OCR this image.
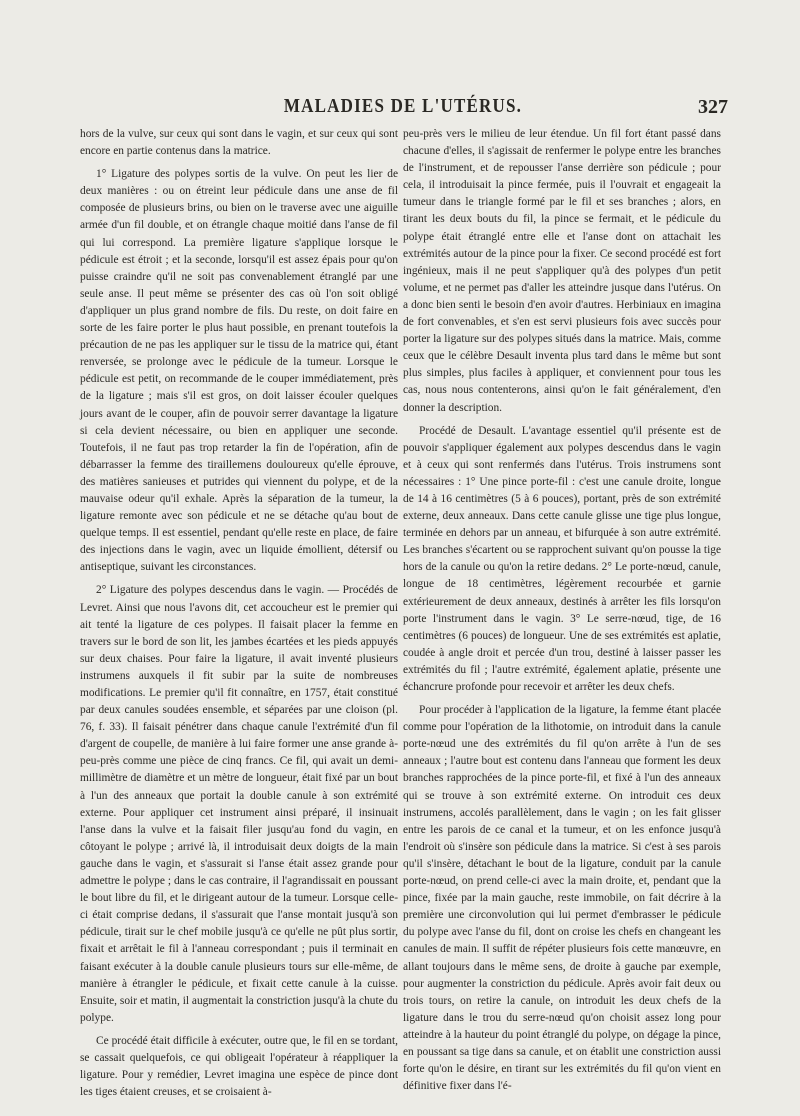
MALADIES DE L'UTÉRUS.	327

hors de la vulve, sur ceux qui sont dans le vagin, et sur ceux qui sont encore en partie contenus dans la matrice.

1° Ligature des polypes sortis de la vulve. On peut les lier de deux manières : ou on étreint leur pédicule dans une anse de fil composée de plusieurs brins, ou bien on le traverse avec une aiguille armée d'un fil double, et on étrangle chaque moitié dans l'anse de fil qui lui correspond. La première ligature s'applique lorsque le pédicule est étroit ; et la seconde, lorsqu'il est assez épais pour qu'on puisse craindre qu'il ne soit pas convenablement étranglé par une seule anse. Il peut même se présenter des cas où l'on soit obligé d'appliquer un plus grand nombre de fils. Du reste, on doit faire en sorte de les faire porter le plus haut possible, en prenant toutefois la précaution de ne pas les appliquer sur le tissu de la matrice qui, étant renversée, se prolonge avec le pédicule de la tumeur. Lorsque le pédicule est petit, on recommande de le couper immédiatement, près de la ligature ; mais s'il est gros, on doit laisser écouler quelques jours avant de le couper, afin de pouvoir serrer davantage la ligature si cela devient nécessaire, ou bien en appliquer une seconde. Toutefois, il ne faut pas trop retarder la fin de l'opération, afin de débarrasser la femme des tiraillemens douloureux qu'elle éprouve, des matières sanieuses et putrides qui viennent du polype, et de la mauvaise odeur qu'il exhale. Après la séparation de la tumeur, la ligature remonte avec son pédicule et ne se détache qu'au bout de quelque temps. Il est essentiel, pendant qu'elle reste en place, de faire des injections dans le vagin, avec un liquide émollient, détersif ou antiseptique, suivant les circonstances.

2° Ligature des polypes descendus dans le vagin. — Procédés de Levret. Ainsi que nous l'avons dit, cet accoucheur est le premier qui ait tenté la ligature de ces polypes. Il faisait placer la femme en travers sur le bord de son lit, les jambes écartées et les pieds appuyés sur deux chaises. Pour faire la ligature, il avait inventé plusieurs instrumens auxquels il fit subir par la suite de nombreuses modifications. Le premier qu'il fit connaître, en 1757, était constitué par deux canules soudées ensemble, et séparées par une cloison (pl. 76, f. 33). Il faisait pénétrer dans chaque canule l'extrémité d'un fil d'argent de coupelle, de manière à lui faire former une anse grande à-peu-près comme une pièce de cinq francs. Ce fil, qui avait un demi-millimètre de diamètre et un mètre de longueur, était fixé par un bout à l'un des anneaux que portait la double canule à son extrémité externe. Pour appliquer cet instrument ainsi préparé, il insinuait l'anse dans la vulve et la faisait filer jusqu'au fond du vagin, en côtoyant le polype ; arrivé là, il introduisait deux doigts de la main gauche dans le vagin, et s'assurait si l'anse était assez grande pour admettre le polype ; dans le cas contraire, il l'agrandissait en poussant le bout libre du fil, et le dirigeant autour de la tumeur. Lorsque celle-ci était comprise dedans, il s'assurait que l'anse montait jusqu'à son pédicule, tirait sur le chef mobile jusqu'à ce qu'elle ne pût plus sortir, fixait et arrêtait le fil à l'anneau correspondant ; puis il terminait en faisant exécuter à la double canule plusieurs tours sur elle-même, de manière à étrangler le pédicule, et fixait cette canule à la cuisse. Ensuite, soir et matin, il augmentait la constriction jusqu'à la chute du polype.

Ce procédé était difficile à exécuter, outre que, le fil en se tordant, se cassait quelquefois, ce qui obligeait l'opérateur à réappliquer la ligature. Pour y remédier, Levret imagina une espèce de pince dont les tiges étaient creuses, et se croisaient à-

peu-près vers le milieu de leur étendue. Un fil fort étant passé dans chacune d'elles, il s'agissait de renfermer le polype entre les branches de l'instrument, et de repousser l'anse derrière son pédicule ; pour cela, il introduisait la pince fermée, puis il l'ouvrait et engageait la tumeur dans le triangle formé par le fil et ses branches ; alors, en tirant les deux bouts du fil, la pince se fermait, et le pédicule du polype était étranglé entre elle et l'anse dont on attachait les extrémités autour de la pince pour la fixer. Ce second procédé est fort ingénieux, mais il ne peut s'appliquer qu'à des polypes d'un petit volume, et ne permet pas d'aller les atteindre jusque dans l'utérus. On a donc bien senti le besoin d'en avoir d'autres. Herbiniaux en imagina de fort convenables, et s'en est servi plusieurs fois avec succès pour porter la ligature sur des polypes situés dans la matrice. Mais, comme ceux que le célèbre Desault inventa plus tard dans le même but sont plus simples, plus faciles à appliquer, et conviennent pour tous les cas, nous nous contenterons, ainsi qu'on le fait généralement, d'en donner la description.

Procédé de Desault. L'avantage essentiel qu'il présente est de pouvoir s'appliquer également aux polypes descendus dans le vagin et à ceux qui sont renfermés dans l'utérus. Trois instrumens sont nécessaires : 1° Une pince porte-fil : c'est une canule droite, longue de 14 à 16 centimètres (5 à 6 pouces), portant, près de son extrémité externe, deux anneaux. Dans cette canule glisse une tige plus longue, terminée en dehors par un anneau, et bifurquée à son autre extrémité. Les branches s'écartent ou se rapprochent suivant qu'on pousse la tige hors de la canule ou qu'on la retire dedans. 2° Le porte-nœud, canule, longue de 18 centimètres, légèrement recourbée et garnie extérieurement de deux anneaux, destinés à arrêter les fils lorsqu'on porte l'instrument dans le vagin. 3° Le serre-nœud, tige, de 16 centimètres (6 pouces) de longueur. Une de ses extrémités est aplatie, coudée à angle droit et percée d'un trou, destiné à laisser passer les extrémités du fil ; l'autre extrémité, également aplatie, présente une échancrure profonde pour recevoir et arrêter les deux chefs.

Pour procéder à l'application de la ligature, la femme étant placée comme pour l'opération de la lithotomie, on introduit dans la canule porte-nœud une des extrémités du fil qu'on arrête à l'un de ses anneaux ; l'autre bout est contenu dans l'anneau que forment les deux branches rapprochées de la pince porte-fil, et fixé à l'un des anneaux qui se trouve à son extrémité externe. On introduit ces deux instrumens, accolés parallèlement, dans le vagin ; on les fait glisser entre les parois de ce canal et la tumeur, et on les enfonce jusqu'à l'endroit où s'insère son pédicule dans la matrice. Si c'est à ses parois qu'il s'insère, détachant le bout de la ligature, conduit par la canule porte-nœud, on prend celle-ci avec la main droite, et, pendant que la pince, fixée par la main gauche, reste immobile, on fait décrire à la première une circonvolution qui lui permet d'embrasser le pédicule du polype avec l'anse du fil, dont on croise les chefs en changeant les canules de main. Il suffit de répéter plusieurs fois cette manœuvre, en allant toujours dans le même sens, de droite à gauche par exemple, pour augmenter la constriction du pédicule. Après avoir fait deux ou trois tours, on retire la canule, on introduit les deux chefs de la ligature dans le trou du serre-nœud qu'on choisit assez long pour atteindre à la hauteur du point étranglé du polype, on dégage la pince, en poussant sa tige dans sa canule, et on établit une constriction aussi forte qu'on le désire, en tirant sur les extrémités du fil qu'on vient en définitive fixer dans l'é-
